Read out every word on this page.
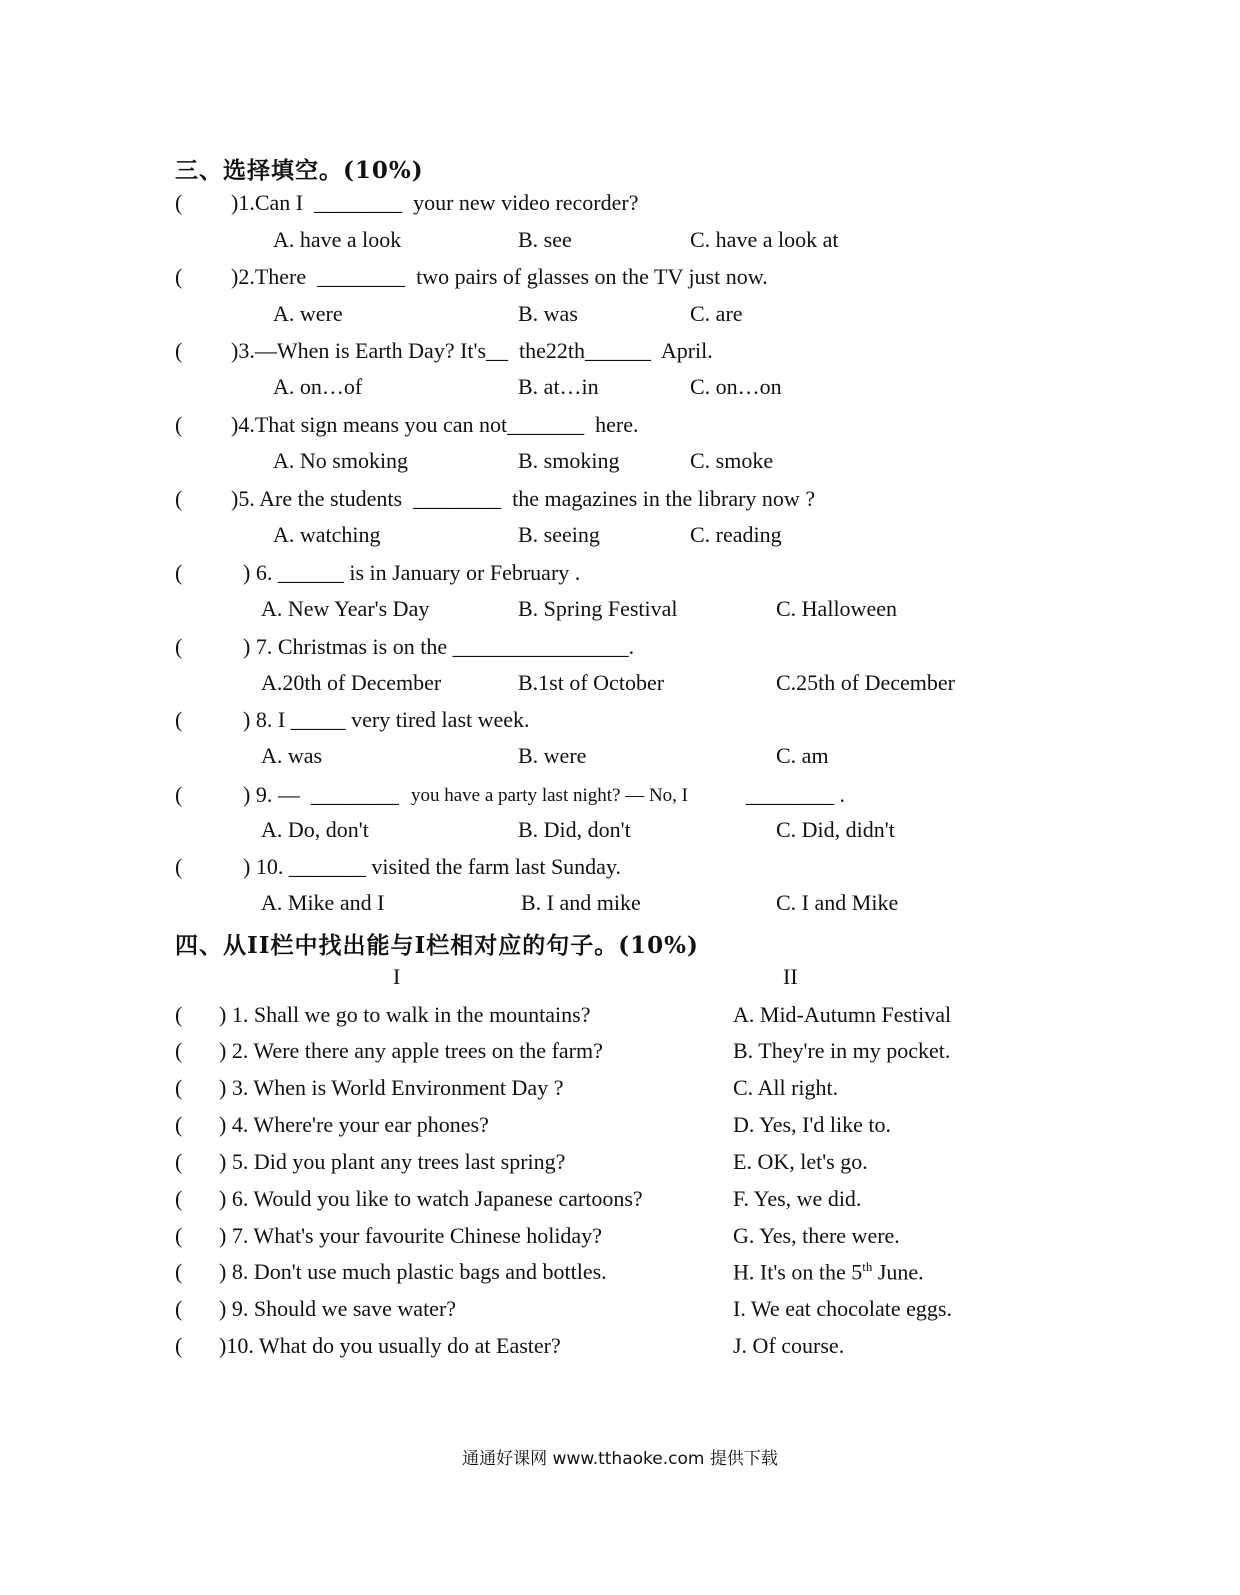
三、选择填空。(10%)
( )1.Can I  ________  your new video recorder?
A. have a look	B. see	C. have a look at
( )2.There  ________  two pairs of glasses on the TV just now.
A. were	B. was	C. are
( )3.—When is Earth Day? It's__  the22th______  April.
A. on…of	B. at…in	C. on…on
( )4.That sign means you can not_______  here.
A. No smoking	B. smoking	C. smoke
( )5. Are the students  ________  the magazines in the library now ?
A. watching	B. seeing	C. reading
(	) 6. ______ is in January or February .
A. New Year's Day	B. Spring Festival	C. Halloween
(	) 7. Christmas is on the ________________.
A.20th of December	B.1st of October	C.25th of December
(	) 8. I _____ very tired last week.
A. was	B. were	C. am
(	) 9. —  ________ you have a party last night? — No, I	________ .
A. Do, don't	B. Did, don't	C. Did, didn't
(	) 10. _______ visited the farm last Sunday.
A. Mike and I	B. I and mike	C. I and Mike
四、从II栏中找出能与I栏相对应的句子。(10%)
I	II
( ) 1. Shall we go to walk in the mountains?	A. Mid-Autumn Festival
( ) 2. Were there any apple trees on the farm?	B. They're in my pocket.
( ) 3. When is World Environment Day ?	C. All right.
( ) 4. Where're your ear phones?	D. Yes, I'd like to.
( ) 5. Did you plant any trees last spring?	E. OK, let's go.
( ) 6. Would you like to watch Japanese cartoons?	F. Yes, we did.
( ) 7. What's your favourite Chinese holiday?	G. Yes, there were.
( ) 8. Don't use much plastic bags and bottles.	H. It's on the 5th June.
( ) 9. Should we save water?	I. We eat chocolate eggs.
( )10. What do you usually do at Easter?	J. Of course.
通通好课网 www.tthaoke.com 提供下载
